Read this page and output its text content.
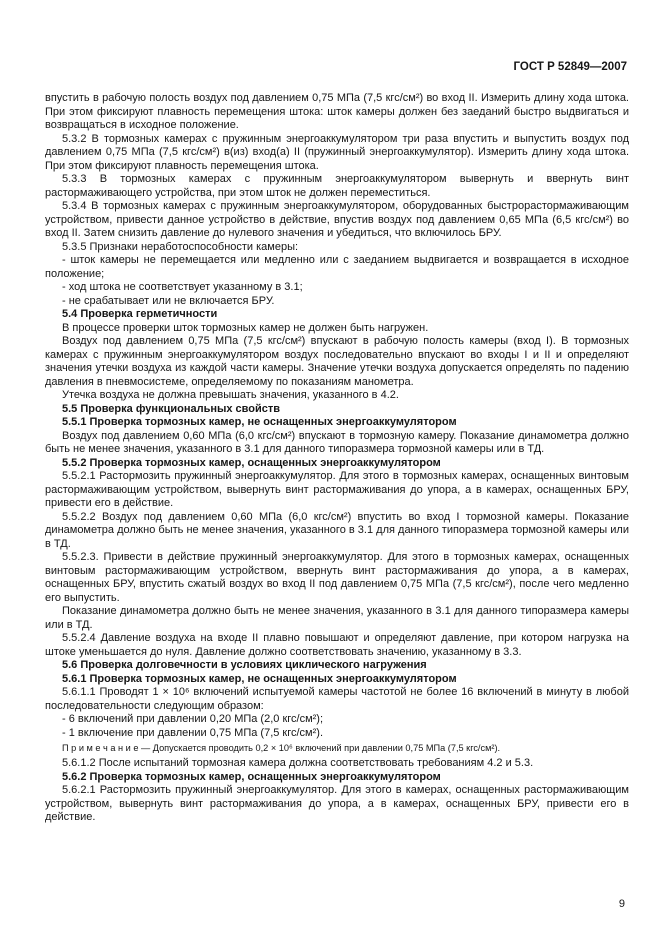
ГОСТ Р 52849—2007
впустить в рабочую полость воздух под давлением 0,75 МПа (7,5 кгс/см²) во вход II. Измерить длину хода штока. При этом фиксируют плавность перемещения штока: шток камеры должен без заеданий быстро выдвигаться и возвращаться в исходное положение.
5.3.2 В тормозных камерах с пружинным энергоаккумулятором три раза впустить и выпустить воздух под давлением 0,75 МПа (7,5 кгс/см²) в(из) вход(а) II (пружинный энергоаккумулятор). Измерить длину хода штока. При этом фиксируют плавность перемещения штока.
5.3.3 В тормозных камерах с пружинным энергоаккумулятором вывернуть и ввернуть винт растормаживающего устройства, при этом шток не должен переместиться.
5.3.4 В тормозных камерах с пружинным энергоаккумулятором, оборудованных быстрорастормаживающим устройством, привести данное устройство в действие, впустив воздух под давлением 0,65 МПа (6,5 кгс/см²) во вход II. Затем снизить давление до нулевого значения и убедиться, что включилось БРУ.
5.3.5 Признаки неработоспособности камеры:
- шток камеры не перемещается или медленно или с заеданием выдвигается и возвращается в исходное положение;
- ход штока не соответствует указанному в 3.1;
- не срабатывает или не включается БРУ.
5.4 Проверка герметичности
В процессе проверки шток тормозных камер не должен быть нагружен.
Воздух под давлением 0,75 МПа (7,5 кгс/см²) впускают в рабочую полость камеры (вход I). В тормозных камерах с пружинным энергоаккумулятором воздух последовательно впускают во входы I и II и определяют значения утечки воздуха из каждой части камеры. Значение утечки воздуха допускается определять по падению давления в пневмосистеме, определяемому по показаниям манометра.
Утечка воздуха не должна превышать значения, указанного в 4.2.
5.5 Проверка функциональных свойств
5.5.1 Проверка тормозных камер, не оснащенных энергоаккумулятором
Воздух под давлением 0,60 МПа (6,0 кгс/см²) впускают в тормозную камеру. Показание динамометра должно быть не менее значения, указанного в 3.1 для данного типоразмера тормозной камеры или в ТД.
5.5.2 Проверка тормозных камер, оснащенных энергоаккумулятором
5.5.2.1 Растормозить пружинный энергоаккумулятор. Для этого в тормозных камерах, оснащенных винтовым растормаживающим устройством, вывернуть винт растормаживания до упора, а в камерах, оснащенных БРУ, привести его в действие.
5.5.2.2 Воздух под давлением 0,60 МПа (6,0 кгс/см²) впустить во вход I тормозной камеры. Показание динамометра должно быть не менее значения, указанного в 3.1 для данного типоразмера тормозной камеры или в ТД.
5.5.2.3. Привести в действие пружинный энергоаккумулятор. Для этого в тормозных камерах, оснащенных винтовым растормаживающим устройством, ввернуть винт растормаживания до упора, а в камерах, оснащенных БРУ, впустить сжатый воздух во вход II под давлением 0,75 МПа (7,5 кгс/см²), после чего медленно его выпустить.
Показание динамометра должно быть не менее значения, указанного в 3.1 для данного типоразмера камеры или в ТД.
5.5.2.4 Давление воздуха на входе II плавно повышают и определяют давление, при котором нагрузка на штоке уменьшается до нуля. Давление должно соответствовать значению, указанному в 3.3.
5.6 Проверка долговечности в условиях циклического нагружения
5.6.1 Проверка тормозных камер, не оснащенных энергоаккумулятором
5.6.1.1 Проводят 1 × 10⁶ включений испытуемой камеры частотой не более 16 включений в минуту в любой последовательности следующим образом:
- 6 включений при давлении 0,20 МПа (2,0 кгс/см²);
- 1 включение при давлении 0,75 МПа (7,5 кгс/см²).
П р и м е ч а н и е — Допускается проводить 0,2 × 10⁶ включений при давлении 0,75 МПа (7,5 кгс/см²).
5.6.1.2 После испытаний тормозная камера должна соответствовать требованиям 4.2 и 5.3.
5.6.2 Проверка тормозных камер, оснащенных энергоаккумулятором
5.6.2.1 Растормозить пружинный энергоаккумулятор. Для этого в камерах, оснащенных растормаживающим устройством, вывернуть винт растормаживания до упора, а в камерах, оснащенных БРУ, привести его в действие.
9
